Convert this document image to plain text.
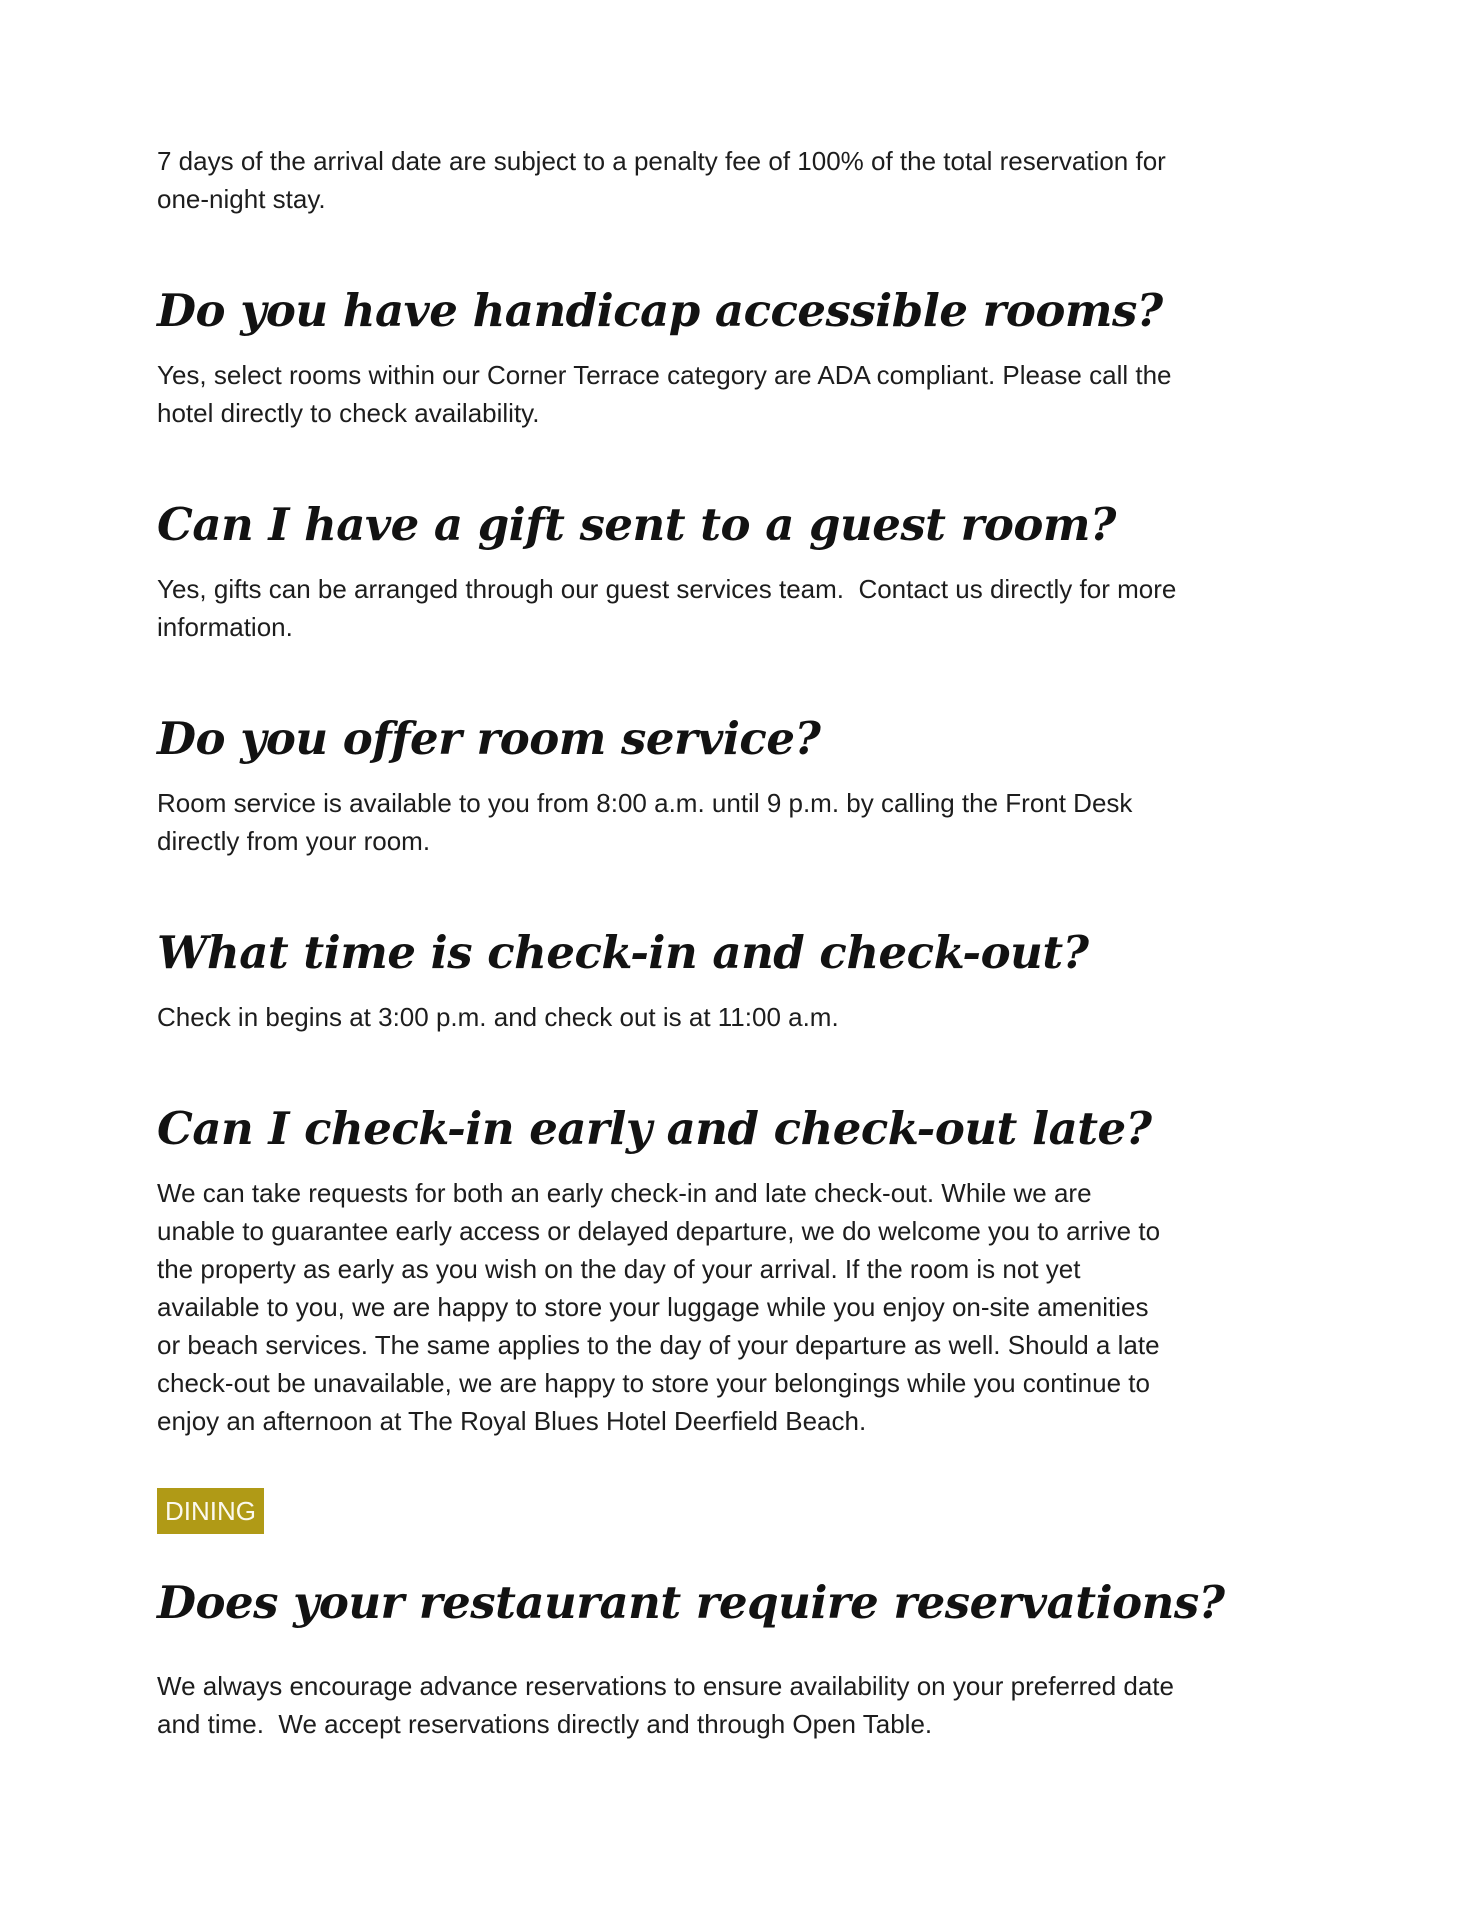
7 days of the arrival date are subject to a penalty fee of 100% of the total reservation for
one-night stay.

Do you have handicap accessible rooms?

Yes, select rooms within our Corner Terrace category are ADA compliant. Please call the
hotel directly to check availability.

Can I have a gift sent to a guest room?

Yes, gifts can be arranged through our guest services team.  Contact us directly for more
information.

Do you offer room service?

Room service is available to you from 8:00 a.m. until 9 p.m. by calling the Front Desk
directly from your room.

What time is check-in and check-out?

Check in begins at 3:00 p.m. and check out is at 11:00 a.m.

Can I check-in early and check-out late?

We can take requests for both an early check-in and late check-out. While we are
unable to guarantee early access or delayed departure, we do welcome you to arrive to
the property as early as you wish on the day of your arrival. If the room is not yet
available to you, we are happy to store your luggage while you enjoy on-site amenities
or beach services. The same applies to the day of your departure as well. Should a late
check-out be unavailable, we are happy to store your belongings while you continue to
enjoy an afternoon at The Royal Blues Hotel Deerfield Beach.

DINING
Does your restaurant require reservations?

We always encourage advance reservations to ensure availability on your preferred date
and time.  We accept reservations directly and through Open Table.
